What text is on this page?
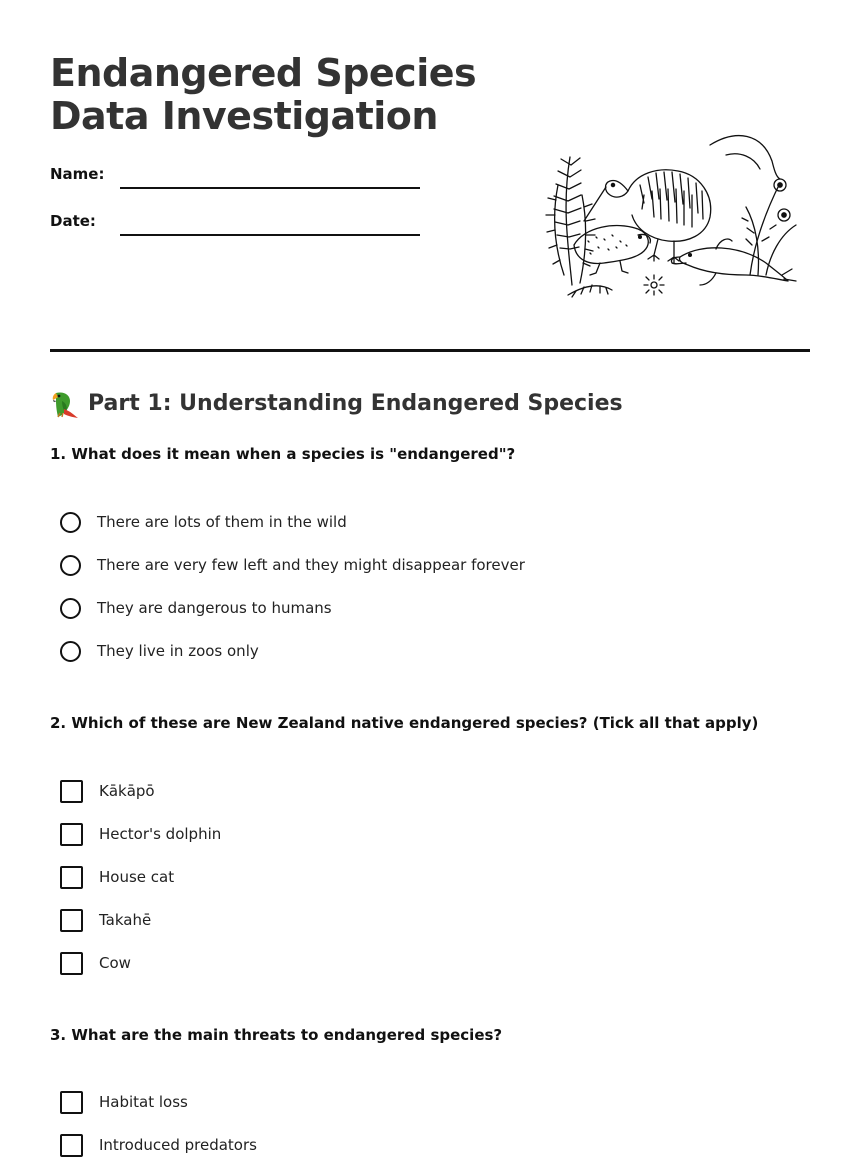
Endangered Species
Data Investigation
Name:
Date:
Part 1: Understanding Endangered Species
1. What does it mean when a species is "endangered"?
There are lots of them in the wild
There are very few left and they might disappear forever
They are dangerous to humans
They live in zoos only
2. Which of these are New Zealand native endangered species? (Tick all that apply)
Kākāpō
Hector's dolphin
House cat
Takahē
Cow
3. What are the main threats to endangered species?
Habitat loss
Introduced predators
